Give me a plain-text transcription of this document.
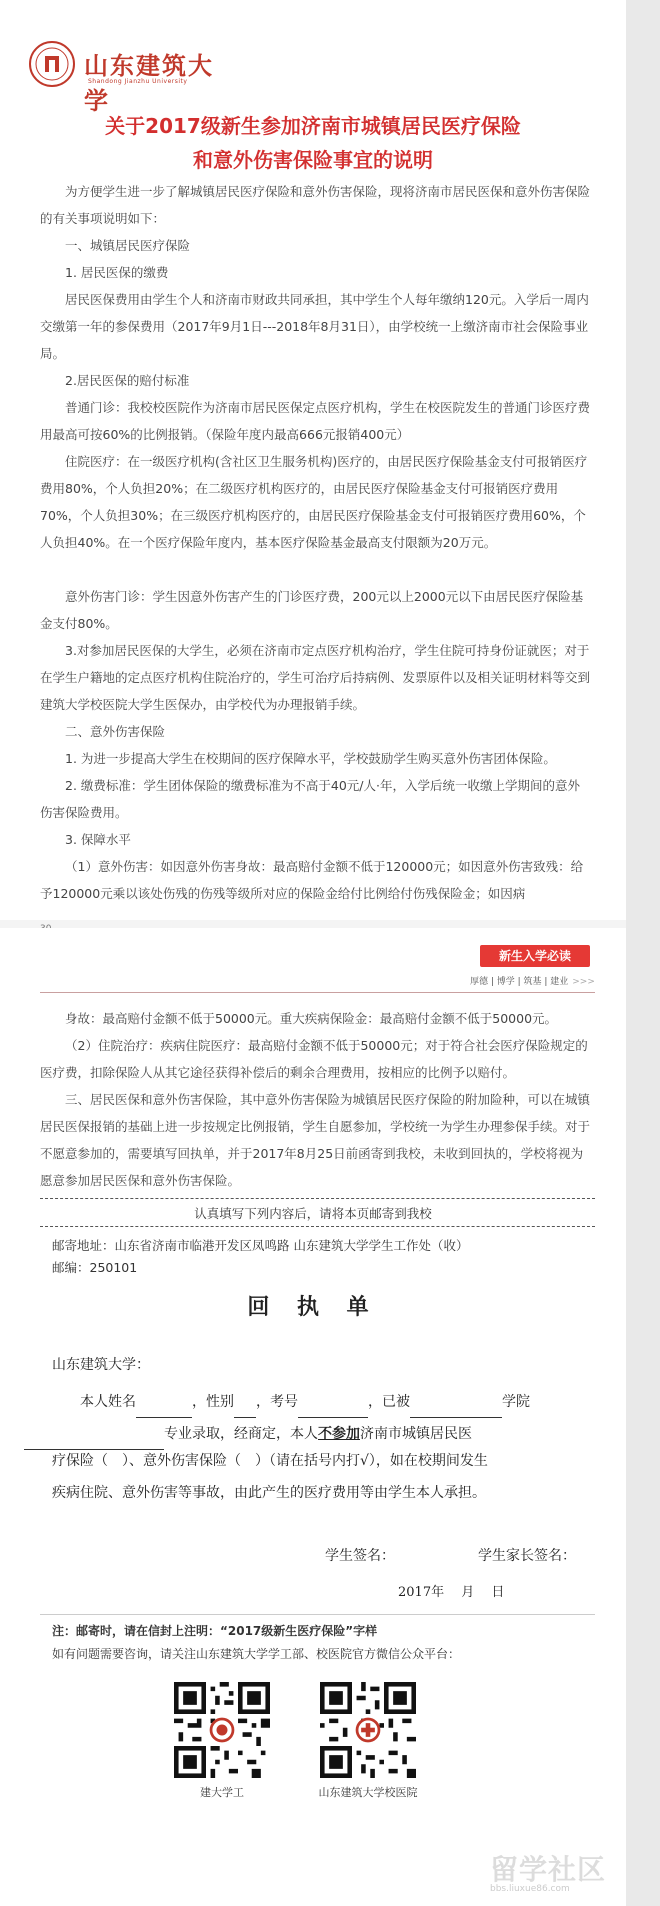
山东建筑大学
Shandong Jianzhu University
关于2017级新生参加济南市城镇居民医疗保险
和意外伤害保险事宜的说明

为方便学生进一步了解城镇居民医疗保险和意外伤害保险，现将济南市居民医保和意外伤害保险的有关事项说明如下：

一、城镇居民医疗保险

1. 居民医保的缴费

居民医保费用由学生个人和济南市财政共同承担，其中学生个人每年缴纳120元。入学后一周内交缴第一年的参保费用（2017年9月1日---2018年8月31日），由学校统一上缴济南市社会保险事业局。

2.居民医保的赔付标准

普通门诊：我校校医院作为济南市居民医保定点医疗机构，学生在校医院发生的普通门诊医疗费用最高可按60%的比例报销。（保险年度内最高666元报销400元）

住院医疗：在一级医疗机构(含社区卫生服务机构)医疗的，由居民医疗保险基金支付可报销医疗费用80%，个人负担20%；在二级医疗机构医疗的，由居民医疗保险基金支付可报销医疗费用70%，个人负担30%；在三级医疗机构医疗的，由居民医疗保险基金支付可报销医疗费用60%，个人负担40%。在一个医疗保险年度内，基本医疗保险基金最高支付限额为20万元。

意外伤害门诊：学生因意外伤害产生的门诊医疗费，200元以上2000元以下由居民医疗保险基金支付80%。

3.对参加居民医保的大学生，必须在济南市定点医疗机构治疗，学生住院可持身份证就医；对于在学生户籍地的定点医疗机构住院治疗的，学生可治疗后持病例、发票原件以及相关证明材料等交到建筑大学校医院大学生医保办，由学校代为办理报销手续。

二、意外伤害保险

1. 为进一步提高大学生在校期间的医疗保障水平，学校鼓励学生购买意外伤害团体保险。

2. 缴费标准：学生团体保险的缴费标准为不高于40元/人·年，入学后统一收缴上学期间的意外伤害保险费用。

3. 保障水平

（1）意外伤害：如因意外伤害身故：最高赔付金额不低于120000元；如因意外伤害致残：给予120000元乘以该处伤残的伤残等级所对应的保险金给付比例给付伤残保险金；如因病

新生入学必读
厚德 | 博学 | 筑基 | 建业 >>>

身故：最高赔付金额不低于50000元。重大疾病保险金：最高赔付金额不低于50000元。

（2）住院治疗：疾病住院医疗：最高赔付金额不低于50000元；对于符合社会医疗保险规定的医疗费，扣除保险人从其它途径获得补偿后的剩余合理费用，按相应的比例予以赔付。

三、居民医保和意外伤害保险，其中意外伤害保险为城镇居民医疗保险的附加险种，可以在城镇居民医保报销的基础上进一步按规定比例报销，学生自愿参加，学校统一为学生办理参保手续。对于不愿意参加的，需要填写回执单，并于2017年8月25日前函寄到我校，未收到回执的，学校将视为愿意参加居民医保和意外伤害保险。

认真填写下列内容后，请将本页邮寄到我校
邮寄地址：山东省济南市临港开发区凤鸣路 山东建筑大学学生工作处（收）
邮编：250101
回 执 单
山东建筑大学：
本人姓名	，性别 ，考号	，已被	学院
专业录取，经商定，本人不参加济南市城镇居民医
疗保险（　）、意外伤害保险（　）（请在括号内打√），如在校期间发生
疾病住院、意外伤害等事故，由此产生的医疗费用等由学生本人承担。
学生签名：	学生家长签名：
2017年　 月　 日
注：邮寄时，请在信封上注明：“2017级新生医疗保险”字样
如有问题需要咨询，请关注山东建筑大学学工部、校医院官方微信公众平台：
建大学工	山东建筑大学校医院
留学社区
bbs.liuxue86.com
